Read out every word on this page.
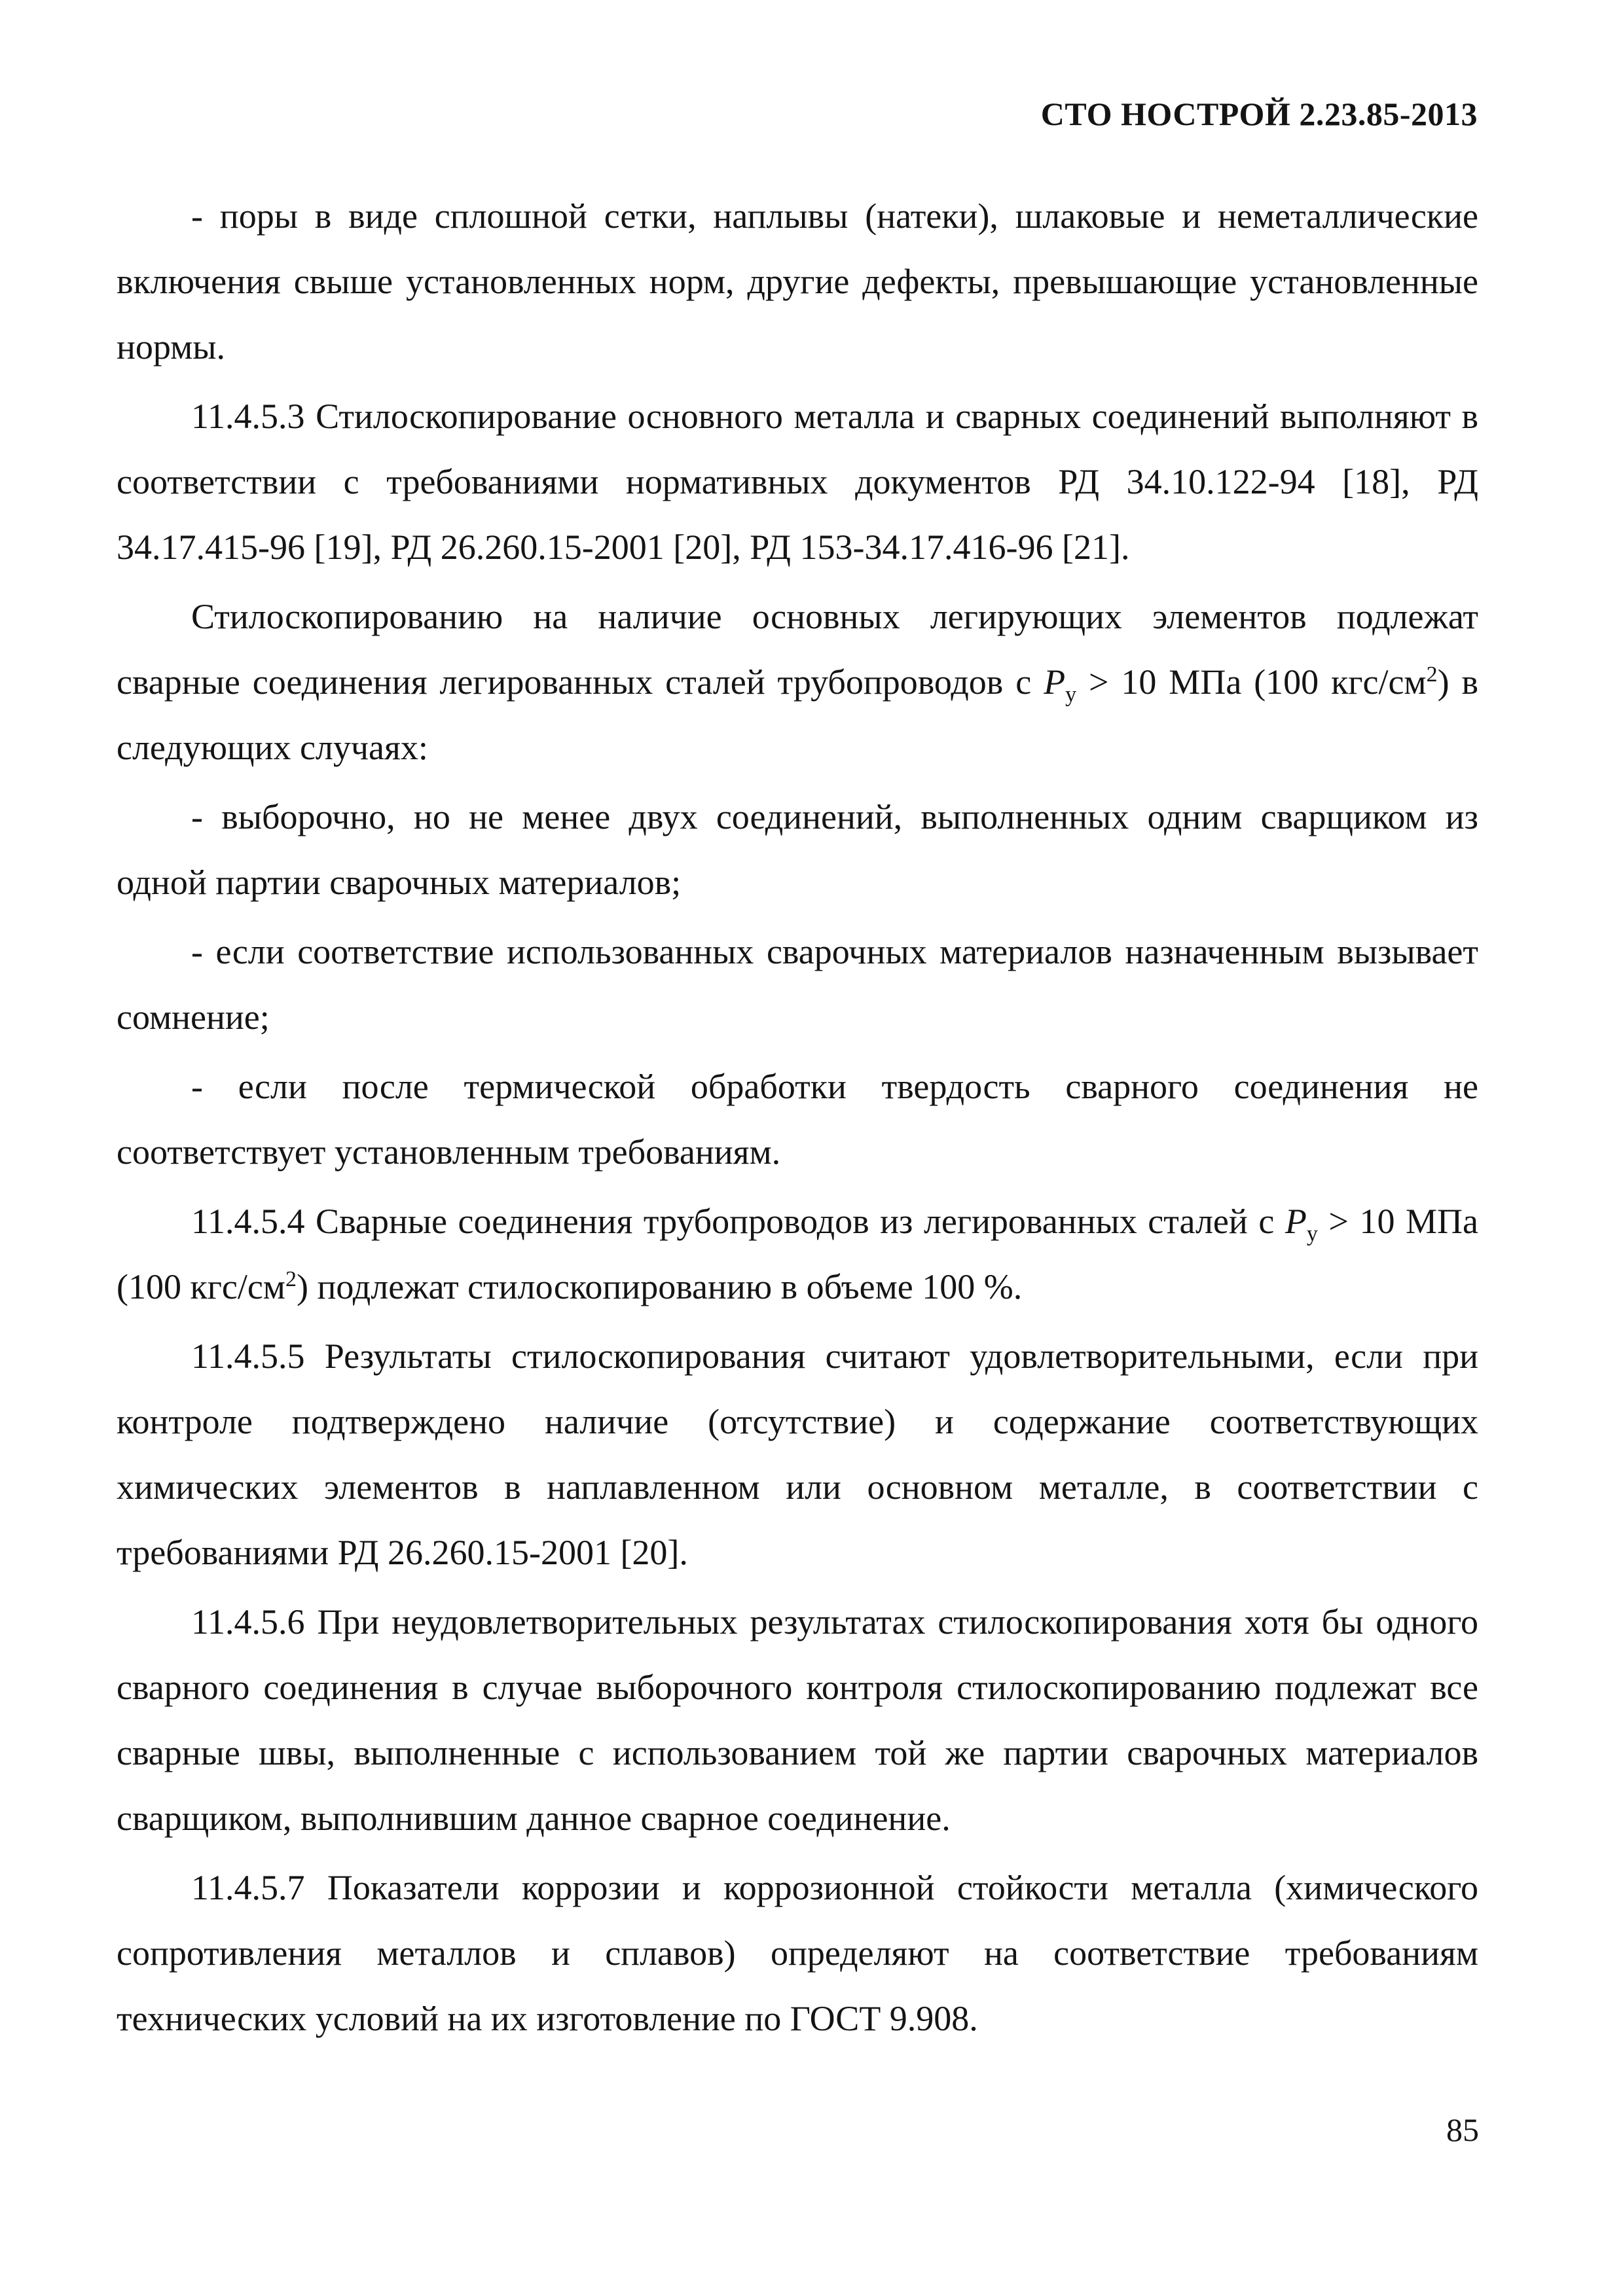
СТО НОСТРОЙ 2.23.85-2013

- поры в виде сплошной сетки, наплывы (натеки), шлаковые и неметаллические включения свыше установленных норм, другие дефекты, превышающие установленные нормы.

11.4.5.3 Стилоскопирование основного металла и сварных соединений выполняют в соответствии с требованиями нормативных документов РД 34.10.122-94 [18], РД 34.17.415-96 [19], РД 26.260.15-2001 [20], РД 153-34.17.416-96 [21].

Стилоскопированию на наличие основных легирующих элементов подлежат сварные соединения легированных сталей трубопроводов с $P_y > 10$ МПа (100 кгс/$см^2$) в следующих случаях:

- выборочно, но не менее двух соединений, выполненных одним сварщиком из одной партии сварочных материалов;

- если соответствие использованных сварочных материалов назначенным вызывает сомнение;

- если после термической обработки твердость сварного соединения не соответствует установленным требованиям.

11.4.5.4 Сварные соединения трубопроводов из легированных сталей с $P_y > 10$ МПа (100 кгс/$см^2$) подлежат стилоскопированию в объеме 100 %.

11.4.5.5 Результаты стилоскопирования считают удовлетворительными, если при контроле подтверждено наличие (отсутствие) и содержание соответствующих химических элементов в наплавленном или основном металле, в соответствии с требованиями РД 26.260.15-2001 [20].

11.4.5.6 При неудовлетворительных результатах стилоскопирования хотя бы одного сварного соединения в случае выборочного контроля стилоскопированию подлежат все сварные швы, выполненные с использованием той же партии сварочных материалов сварщиком, выполнившим данное сварное соединение.

11.4.5.7 Показатели коррозии и коррозионной стойкости металла (химического сопротивления металлов и сплавов) определяют на соответствие требованиям технических условий на их изготовление по ГОСТ 9.908.

85
